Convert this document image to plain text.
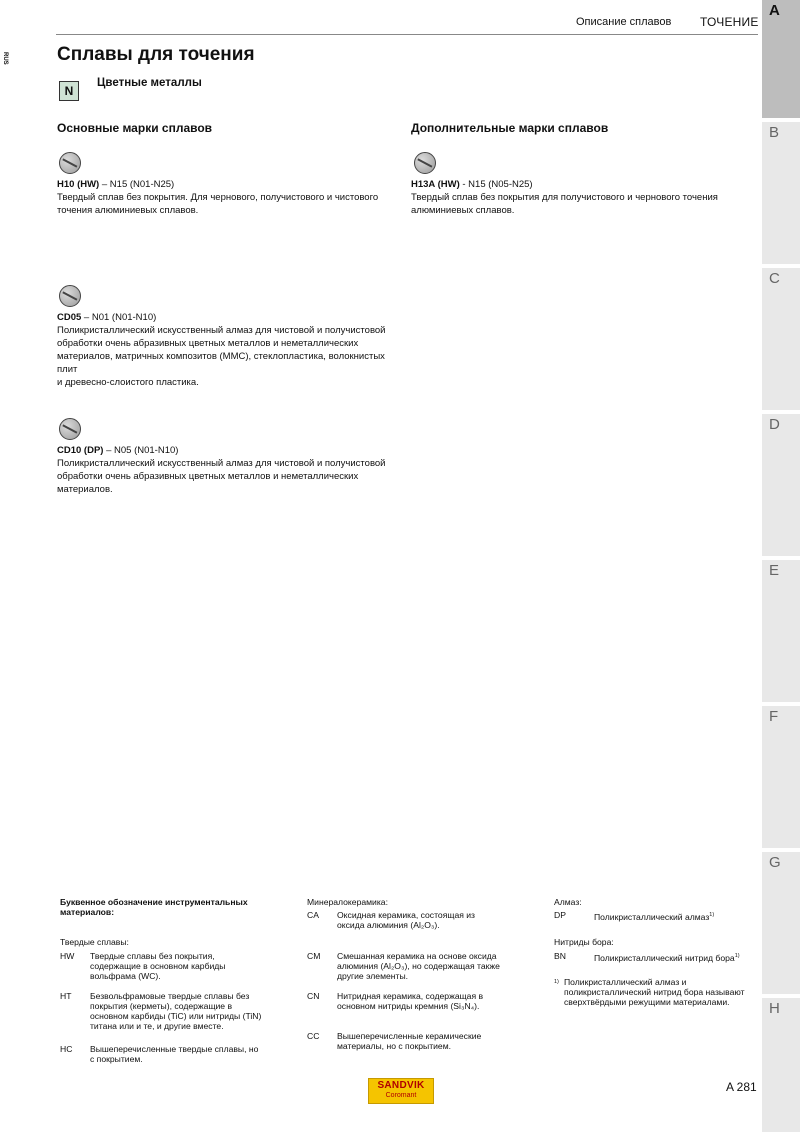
Описание сплавов ТОЧЕНИЕ
RUS
A
B
C
D
E
F
G
H
Сплавы для точения
N
Цветные металлы
Основные марки сплавов	Дополнительные марки сплавов
H10 (HW) – N15 (N01-N25)
Твердый сплав без покрытия. Для чернового, получистового и чистового
точения алюминиевых сплавов.
CD05 – N01 (N01-N10)
Поликристаллический искусственный алмаз для чистовой и получистовой
обработки очень абразивных цветных металлов и неметаллических
материалов, матричных композитов (MMC), стеклопластика, волокнистых плит
и древесно-слоистого пластика.
CD10 (DP) – N05 (N01-N10)
Поликристаллический искусственный алмаз для чистовой и получистовой
обработки очень абразивных цветных металлов и неметаллических
материалов.
H13A (HW) - N15 (N05-N25)
Твердый сплав без покрытия для получистового и чернового точения
алюминиевых сплавов.
Буквенное обозначение инструментальных
материалов:
Твердые сплавы:
HW Твердые сплавы без покрытия,
содержащие в основном карбиды
вольфрама (WC).
HT Безвольфрамовые твердые сплавы без
покрытия (керметы), содержащие в
основном карбиды (TiC) или нитриды (TiN)
титана или и те, и другие вместе.
HC Вышеперечисленные твердые сплавы, но
с покрытием.
Минералокерамика:
CA Оксидная керамика, состоящая из
оксида алюминия (Al₂O₃).
CM Смешанная керамика на основе оксида
алюминия (Al₂O₃), но содержащая также
другие элементы.
CN Нитридная керамика, содержащая в
основном нитриды кремния (Si₃N₄).
CC Вышеперечисленные керамические
материалы, но с покрытием.
Алмаз:
DP	Поликристаллический алмаз$^{1)}$
Нитриды бора:
BN	Поликристаллический нитрид бора$^{1)}$
1) Поликристаллический алмаз и
поликристаллический нитрид бора называют
сверхтвёрдыми режущими материалами.
SANDVIK
Coromant
A 281
